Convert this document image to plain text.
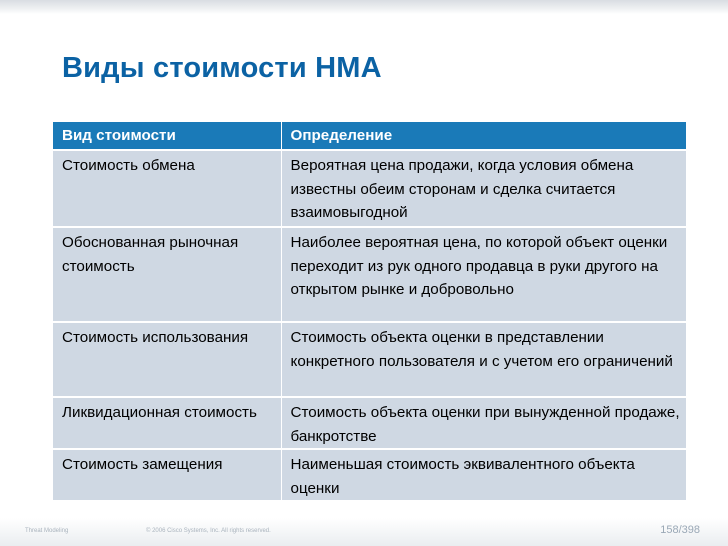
Виды стоимости НМА
Вид стоимости	Определение
Стоимость обмена	Вероятная цена продажи, когда условия обмена известны обеим сторонам и сделка считается взаимовыгодной
Обоснованная рыночная стоимость	Наиболее вероятная цена, по которой объект оценки переходит из рук одного продавца в руки другого на открытом рынке и добровольно
Стоимость использования	Стоимость объекта оценки в представлении конкретного пользователя и с учетом его ограничений
Ликвидационная стоимость	Стоимость объекта оценки при вынужденной продаже, банкротстве
Стоимость замещения	Наименьшая стоимость эквивалентного объекта оценки
Threat Modeling	© 2006 Cisco Systems, Inc. All rights reserved.	158/398
